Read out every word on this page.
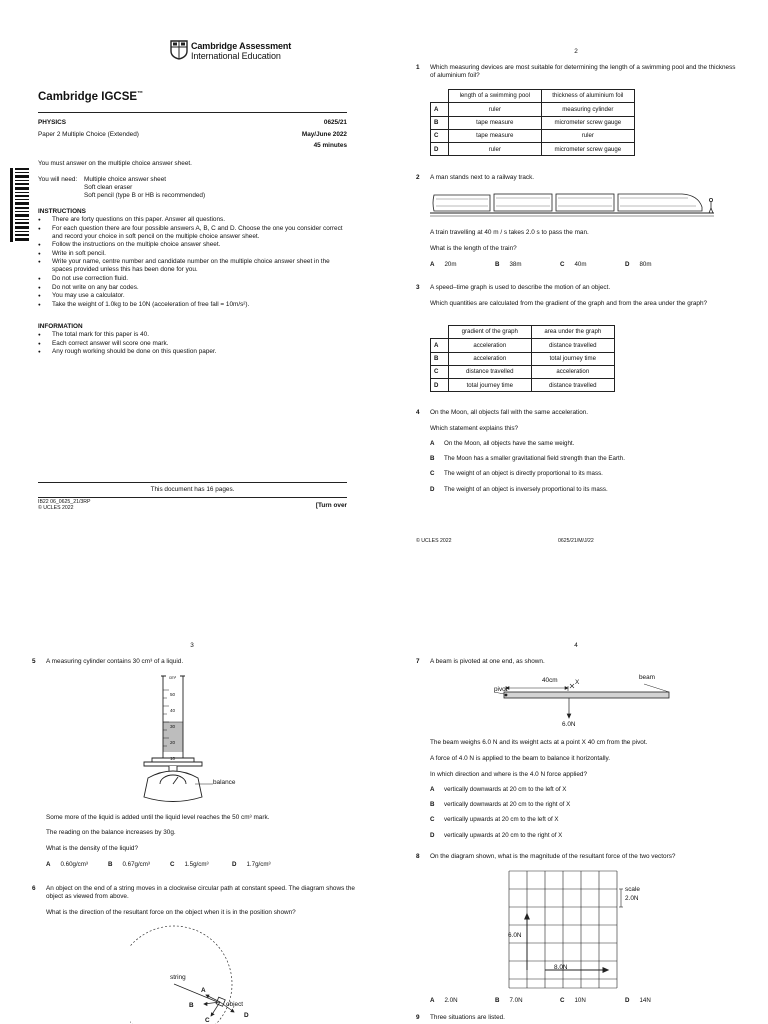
Cambridge Assessment
International Education
Cambridge IGCSE™
PHYSICS	0625/21
Paper 2 Multiple Choice (Extended)	May/June 2022
45 minutes
You must answer on the multiple choice answer sheet.
You will need: Multiple choice answer sheet
Soft clean eraser
Soft pencil (type B or HB is recommended)
INSTRUCTIONS
● There are forty questions on this paper. Answer all questions.
● For each question there are four possible answers A, B, C and D. Choose the one you consider correct and record your choice in soft pencil on the multiple choice answer sheet.
● Follow the instructions on the multiple choice answer sheet.
● Write in soft pencil.
● Write your name, centre number and candidate number on the multiple choice answer sheet in the spaces provided unless this has been done for you.
● Do not use correction fluid.
● Do not write on any bar codes.
● You may use a calculator.
● Take the weight of 1.0kg to be 10N (acceleration of free fall = 10m/s²).
INFORMATION
● The total mark for this paper is 40.
● Each correct answer will score one mark.
● Any rough working should be done on this question paper.
This document has 16 pages.
IB22 06_0625_21/3RP
© UCLES 2022	[Turn over
2
1 Which measuring devices are most suitable for determining the length of a swimming pool and the thickness of aluminium foil?
	length of a swimming pool	thickness of aluminium foil
A	ruler	measuring cylinder
B	tape measure	micrometer screw gauge
C	tape measure	ruler
D	ruler	micrometer screw gauge
2 A man stands next to a railway track.
A train travelling at 40 m / s takes 2.0 s to pass the man.
What is the length of the train?
A 20m	B 38m	C 40m	D 80m
3 A speed–time graph is used to describe the motion of an object.
Which quantities are calculated from the gradient of the graph and from the area under the graph?
	gradient of the graph	area under the graph
A	acceleration	distance travelled
B	acceleration	total journey time
C	distance travelled	acceleration
D	total journey time	distance travelled
4 On the Moon, all objects fall with the same acceleration.
Which statement explains this?
A On the Moon, all objects have the same weight.
B The Moon has a smaller gravitational field strength than the Earth.
C The weight of an object is directly proportional to its mass.
D The weight of an object is inversely proportional to its mass.
© UCLES 2022	0625/21/M/J/22
3
5 A measuring cylinder contains 30 cm³ of a liquid.
cm³
50
40
30
20
10
balance
Some more of the liquid is added until the liquid level reaches the 50 cm³ mark.
The reading on the balance increases by 30g.
What is the density of the liquid?
A 0.60g/cm³	B 0.67g/cm³	C 1.5g/cm³	D 1.7g/cm³
6 An object on the end of a string moves in a clockwise circular path at constant speed. The diagram shows the object as viewed from above.
What is the direction of the resultant force on the object when it is in the position shown?
string
A
B
C
D
object
4
7 A beam is pivoted at one end, as shown.
pivot
40cm	X
beam
6.0N
The beam weighs 6.0 N and its weight acts at a point X 40 cm from the pivot.
A force of 4.0 N is applied to the beam to balance it horizontally.
In which direction and where is the 4.0 N force applied?
A vertically downwards at 20 cm to the left of X
B vertically downwards at 20 cm to the right of X
C vertically upwards at 20 cm to the left of X
D vertically upwards at 20 cm to the right of X
8 On the diagram shown, what is the magnitude of the resultant force of the two vectors?
scale
2.0N
6.0N
8.0N
A 2.0N	B 7.0N	C 10N	D 14N
9 Three situations are listed.
